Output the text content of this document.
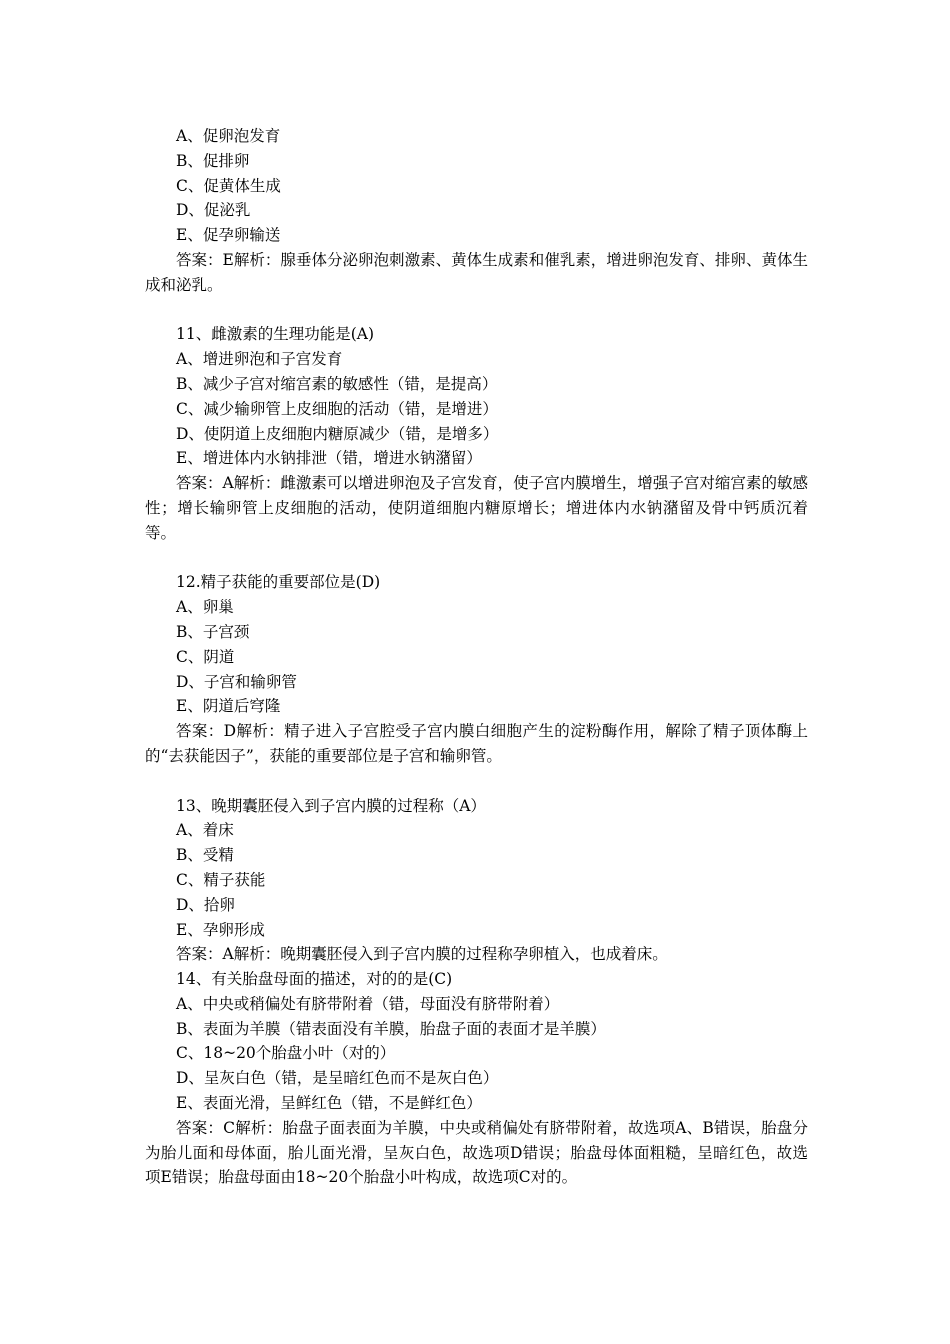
A、促卵泡发育

B、促排卵

C、促黄体生成

D、促泌乳

E、促孕卵输送

答案：E解析：腺垂体分泌卵泡刺激素、黄体生成素和催乳素，增进卵泡发育、排卵、黄体生成和泌乳。

11、雌激素的生理功能是(A)

A、增进卵泡和子宫发育

B、减少子宫对缩宫素的敏感性（错，是提高）

C、减少输卵管上皮细胞的活动（错，是增进）

D、使阴道上皮细胞内糖原减少（错，是增多）

E、增进体内水钠排泄（错，增进水钠潴留）

答案：A解析：雌激素可以增进卵泡及子宫发育，使子宫内膜增生，增强子宫对缩宫素的敏感性；增长输卵管上皮细胞的活动，使阴道细胞内糖原增长；增进体内水钠潴留及骨中钙质沉着等。

12.精子获能的重要部位是(D)

A、卵巢

B、子宫颈

C、阴道

D、子宫和输卵管

E、阴道后穹隆

答案：D解析：精子进入子宫腔受子宫内膜白细胞产生的淀粉酶作用，解除了精子顶体酶上的“去获能因子”，获能的重要部位是子宫和输卵管。

13、晚期囊胚侵入到子宫内膜的过程称（A）

A、着床

B、受精

C、精子获能

D、拾卵

E、孕卵形成

答案：A解析：晚期囊胚侵入到子宫内膜的过程称孕卵植入，也成着床。

14、有关胎盘母面的描述，对的的是(C)

A、中央或稍偏处有脐带附着（错，母面没有脐带附着）

B、表面为羊膜（错表面没有羊膜，胎盘子面的表面才是羊膜）

C、18~20个胎盘小叶（对的）

D、呈灰白色（错，是呈暗红色而不是灰白色）

E、表面光滑，呈鲜红色（错，不是鲜红色）

答案：C解析：胎盘子面表面为羊膜，中央或稍偏处有脐带附着，故选项A、B错误，胎盘分为胎儿面和母体面，胎儿面光滑，呈灰白色，故选项D错误；胎盘母体面粗糙，呈暗红色，故选项E错误；胎盘母面由18~20个胎盘小叶构成，故选项C对的。
